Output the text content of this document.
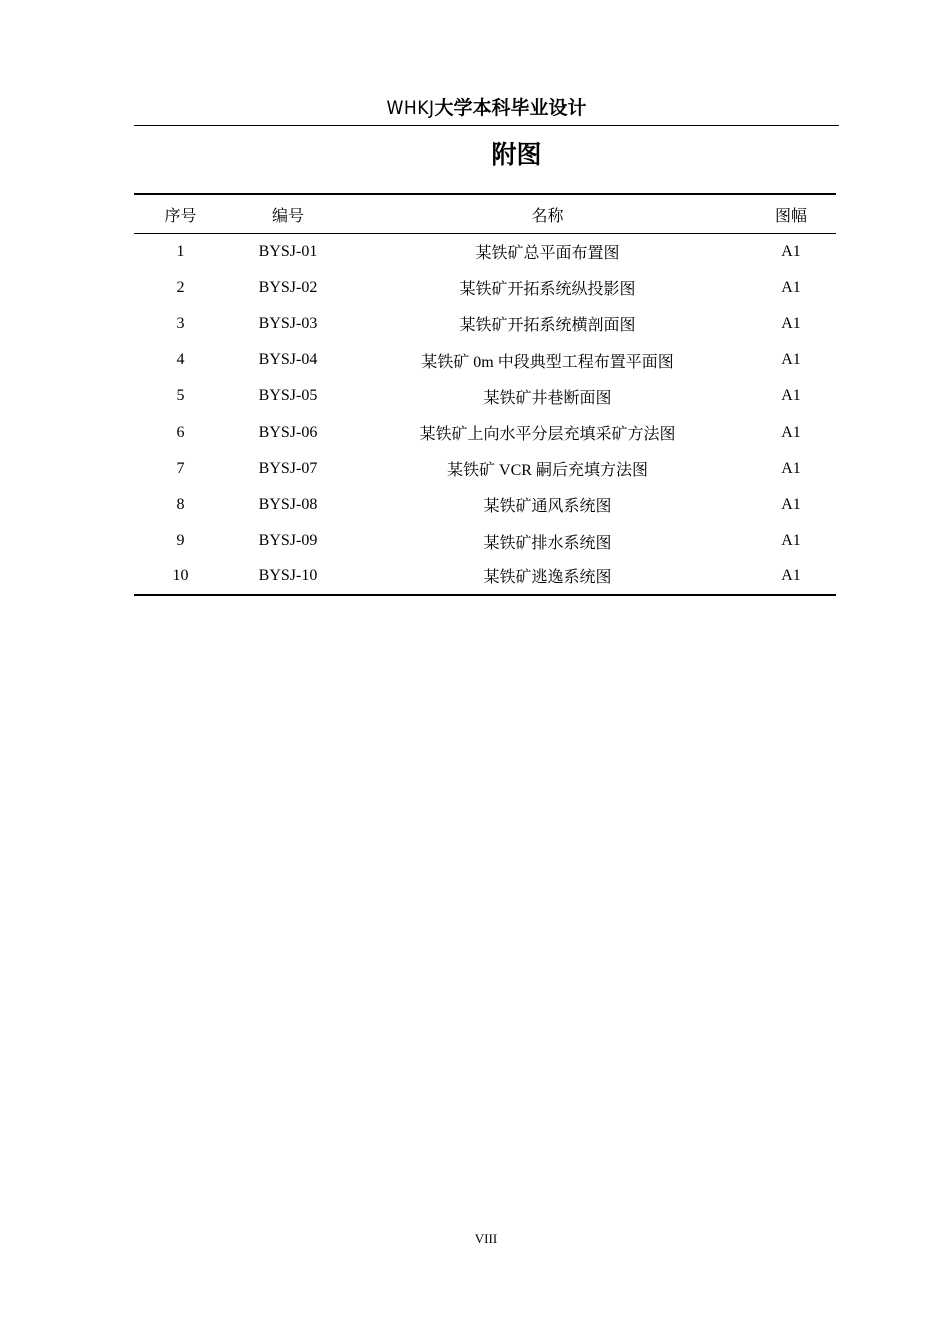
WHKJ大学本科毕业设计
附图
序号	编号	名称	图幅
1	BYSJ-01	某铁矿总平面布置图	A1
2	BYSJ-02	某铁矿开拓系统纵投影图	A1
3	BYSJ-03	某铁矿开拓系统横剖面图	A1
4	BYSJ-04	某铁矿 0m 中段典型工程布置平面图	A1
5	BYSJ-05	某铁矿井巷断面图	A1
6	BYSJ-06	某铁矿上向水平分层充填采矿方法图	A1
7	BYSJ-07	某铁矿 VCR 嗣后充填方法图	A1
8	BYSJ-08	某铁矿通风系统图	A1
9	BYSJ-09	某铁矿排水系统图	A1
10	BYSJ-10	某铁矿逃逸系统图	A1
VIII
